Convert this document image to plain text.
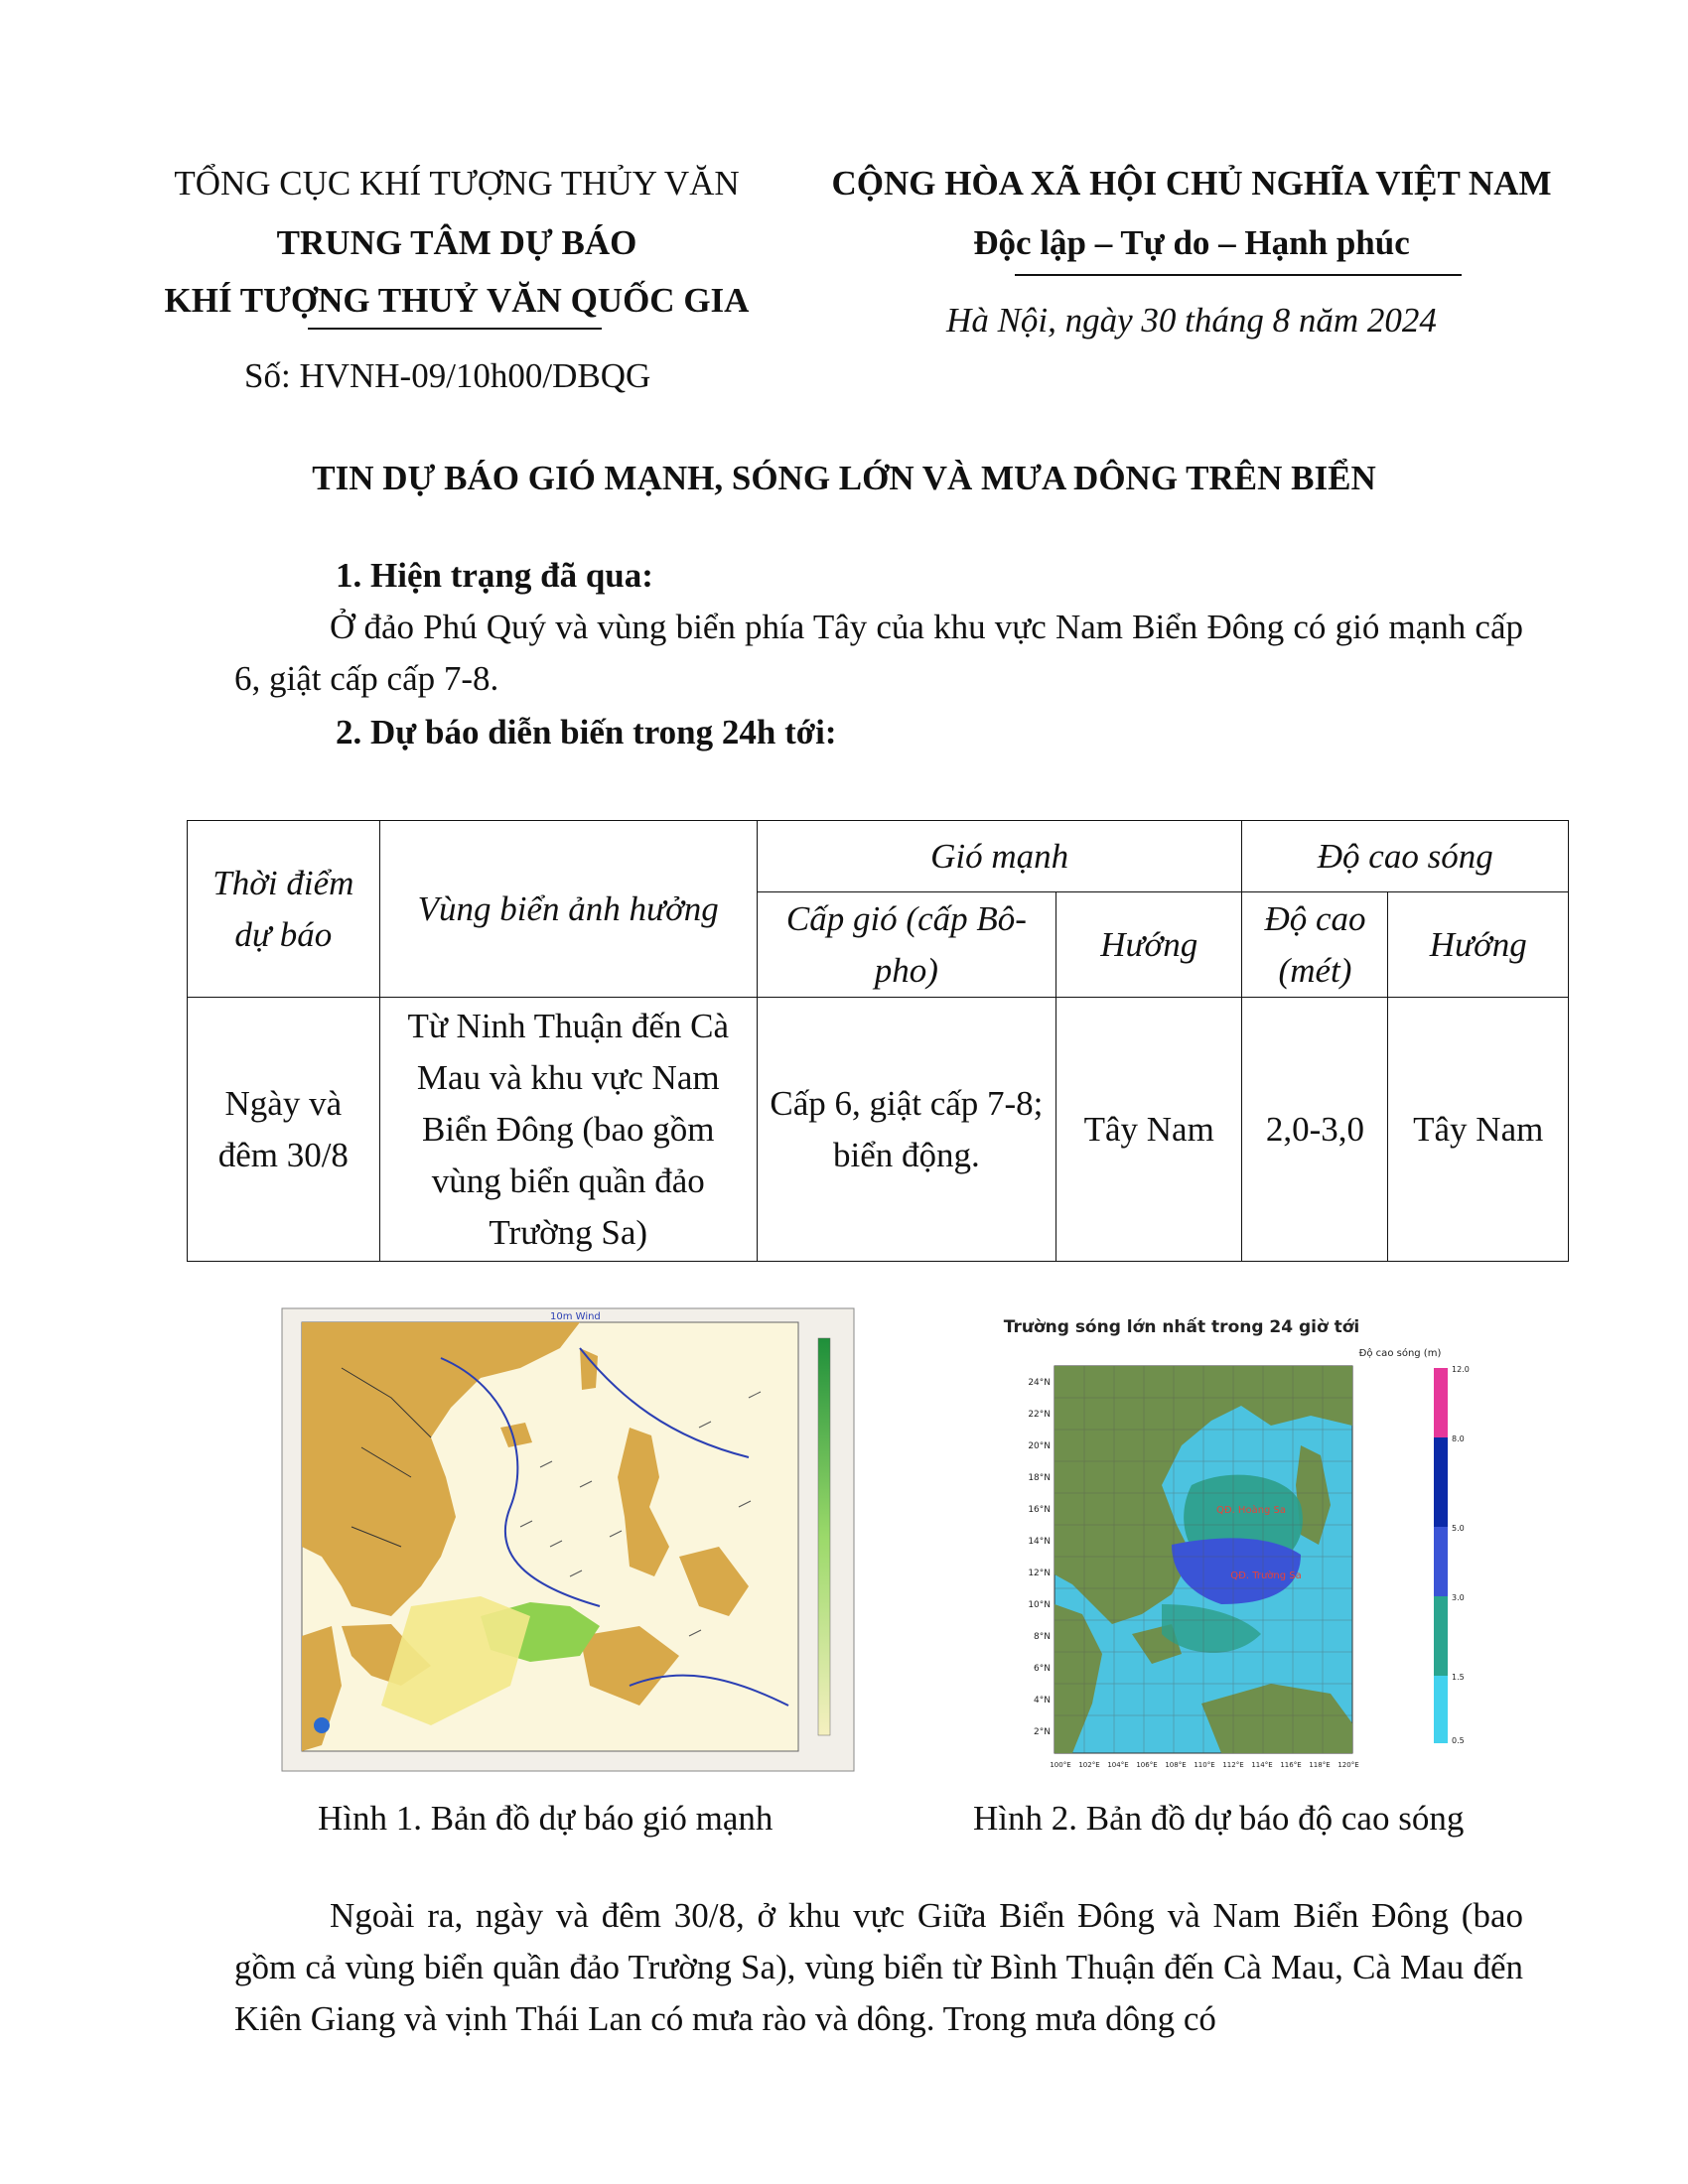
TỔNG CỤC KHÍ TƯỢNG THỦY VĂN
TRUNG TÂM DỰ BÁO
KHÍ TƯỢNG THUỶ VĂN QUỐC GIA
Số: HVNH-09/10h00/DBQG
CỘNG HÒA XÃ HỘI CHỦ NGHĨA VIỆT NAM
Độc lập – Tự do – Hạnh phúc
Hà Nội, ngày 30 tháng 8 năm 2024
TIN DỰ BÁO GIÓ MẠNH, SÓNG LỚN VÀ MƯA DÔNG TRÊN BIỂN
1. Hiện trạng đã qua:
Ở đảo Phú Quý và vùng biển phía Tây của khu vực Nam Biển Đông có gió mạnh cấp 6, giật cấp cấp 7-8.
2. Dự báo diễn biến trong 24h tới:
Thời điểm dự báo	Vùng biển ảnh hưởng	Gió mạnh		Độ cao sóng	
		Cấp gió (cấp Bô-pho)	Hướng	Độ cao (mét)	Hướng
Ngày và đêm 30/8	Từ Ninh Thuận đến Cà Mau và khu vực Nam Biển Đông (bao gồm vùng biển quần đảo Trường Sa)	Cấp 6, giật cấp 7-8; biển động.	Tây Nam	2,0-3,0	Tây Nam
10m Wind
Hình 1. Bản đồ dự báo gió mạnh
Trường sóng lớn nhất trong 24 giờ tới
Độ cao sóng (m)
QĐ. Hoàng Sa
QĐ. Trường Sa
24°N
22°N
20°N
18°N
16°N
14°N
12°N
10°N
8°N
6°N
4°N
2°N
100°E 102°E 104°E 106°E 108°E 110°E 112°E 114°E 116°E 118°E 120°E
12.0
8.0
5.0
3.0
1.5
0.5
Hình 2. Bản đồ dự báo độ cao sóng
Ngoài ra, ngày và đêm 30/8, ở khu vực Giữa Biển Đông và Nam Biển Đông (bao gồm cả vùng biển quần đảo Trường Sa), vùng biển từ Bình Thuận đến Cà Mau, Cà Mau đến Kiên Giang và vịnh Thái Lan có mưa rào và dông. Trong mưa dông có
